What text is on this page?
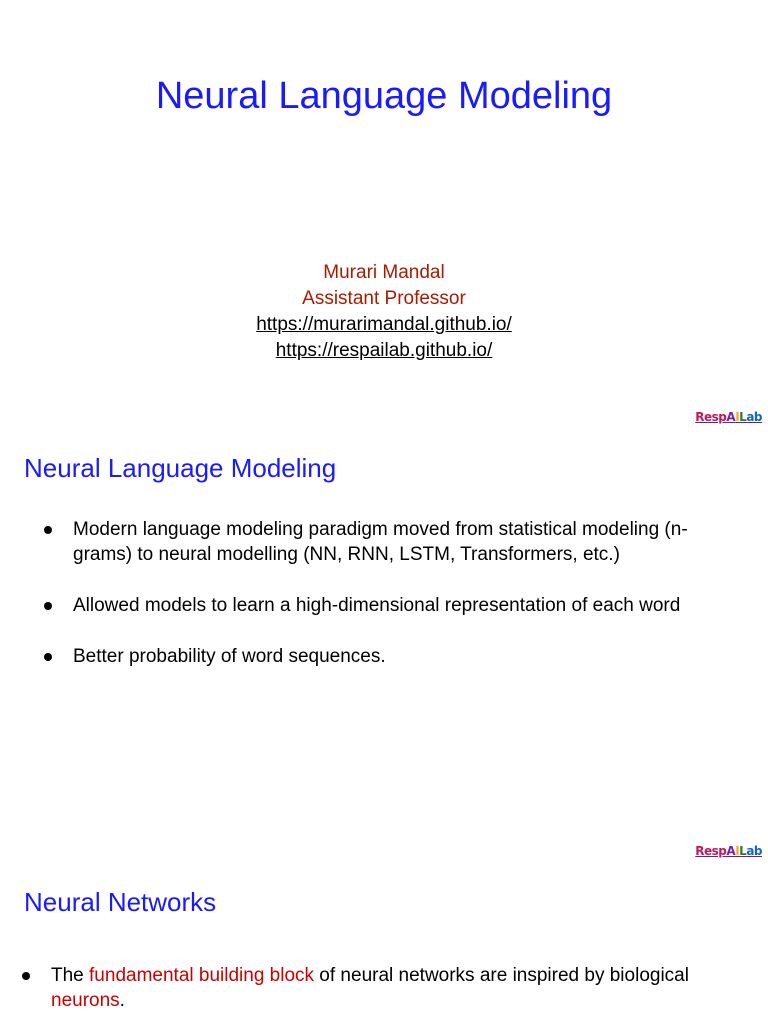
Neural Language Modeling
Murari Mandal
Assistant Professor
https://murarimandal.github.io/
https://respailab.github.io/
RespAILab
Neural Language Modeling
Modern language modeling paradigm moved from statistical modeling (n-grams) to neural modelling (NN, RNN, LSTM, Transformers, etc.)
Allowed models to learn a high-dimensional representation of each word
Better probability of word sequences.
RespAILab
Neural Networks
The fundamental building block of neural networks are inspired by biological neurons.
